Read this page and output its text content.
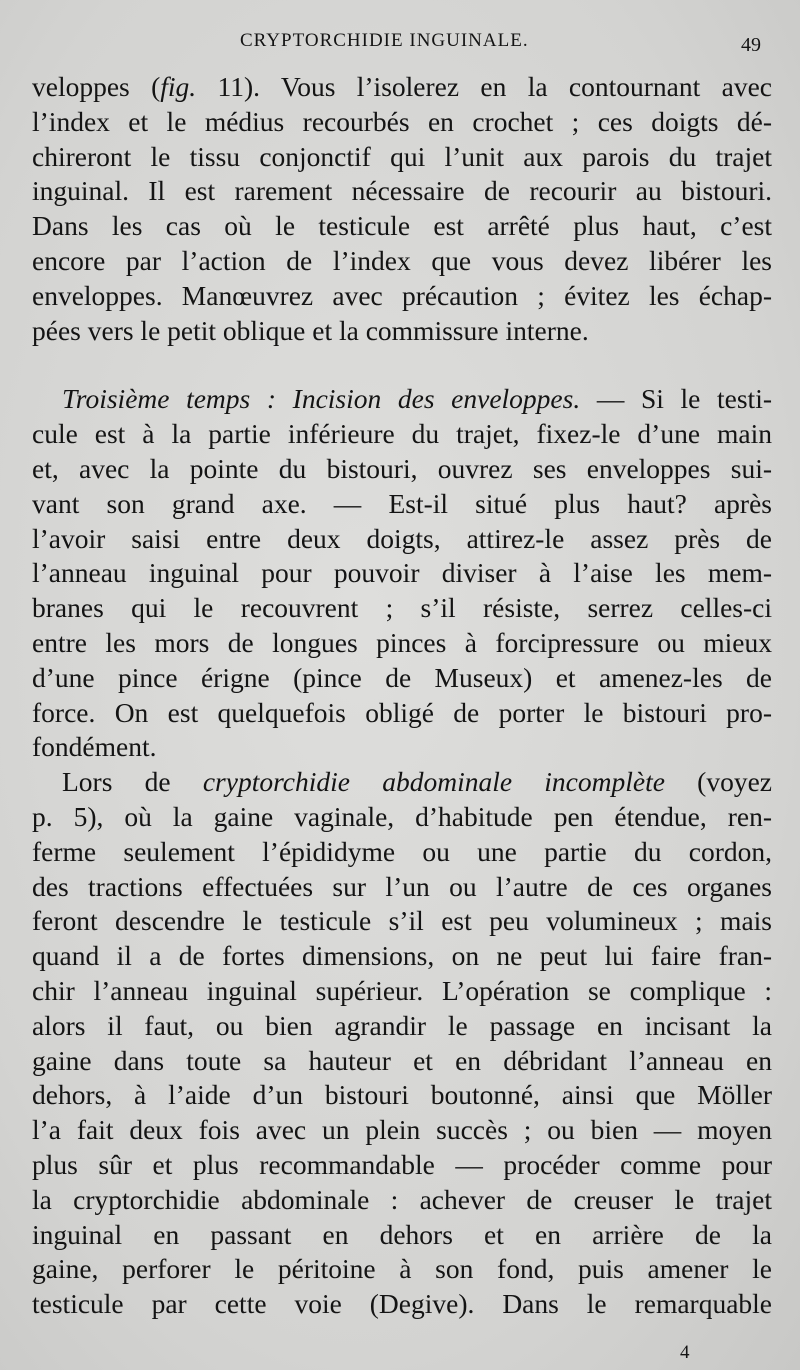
CRYPTORCHIDIE INGUINALE.	49
veloppes (fig. 11). Vous l’isolerez en la contournant avec
l’index et le médius recourbés en crochet ; ces doigts dé-
chireront le tissu conjonctif qui l’unit aux parois du trajet
inguinal. Il est rarement nécessaire de recourir au bistouri.
Dans les cas où le testicule est arrêté plus haut, c’est
encore par l’action de l’index que vous devez libérer les
enveloppes. Manœuvrez avec précaution ; évitez les échap-
pées vers le petit oblique et la commissure interne.
Troisième temps : Incision des enveloppes. — Si le testi-
cule est à la partie inférieure du trajet, fixez-le d’une main
et, avec la pointe du bistouri, ouvrez ses enveloppes sui-
vant son grand axe. — Est-il situé plus haut? après
l’avoir saisi entre deux doigts, attirez-le assez près de
l’anneau inguinal pour pouvoir diviser à l’aise les mem-
branes qui le recouvrent ; s’il résiste, serrez celles-ci
entre les mors de longues pinces à forcipressure ou mieux
d’une pince érigne (pince de Museux) et amenez-les de
force. On est quelquefois obligé de porter le bistouri pro-
fondément.
Lors de cryptorchidie abdominale incomplète (voyez
p. 5), où la gaine vaginale, d’habitude pen étendue, ren-
ferme seulement l’épididyme ou une partie du cordon,
des tractions effectuées sur l’un ou l’autre de ces organes
feront descendre le testicule s’il est peu volumineux ; mais
quand il a de fortes dimensions, on ne peut lui faire fran-
chir l’anneau inguinal supérieur. L’opération se complique :
alors il faut, ou bien agrandir le passage en incisant la
gaine dans toute sa hauteur et en débridant l’anneau en
dehors, à l’aide d’un bistouri boutonné, ainsi que Möller
l’a fait deux fois avec un plein succès ; ou bien — moyen
plus sûr et plus recommandable — procéder comme pour
la cryptorchidie abdominale : achever de creuser le trajet
inguinal en passant en dehors et en arrière de la
gaine, perforer le péritoine à son fond, puis amener le
testicule par cette voie (Degive). Dans le remarquable
4
